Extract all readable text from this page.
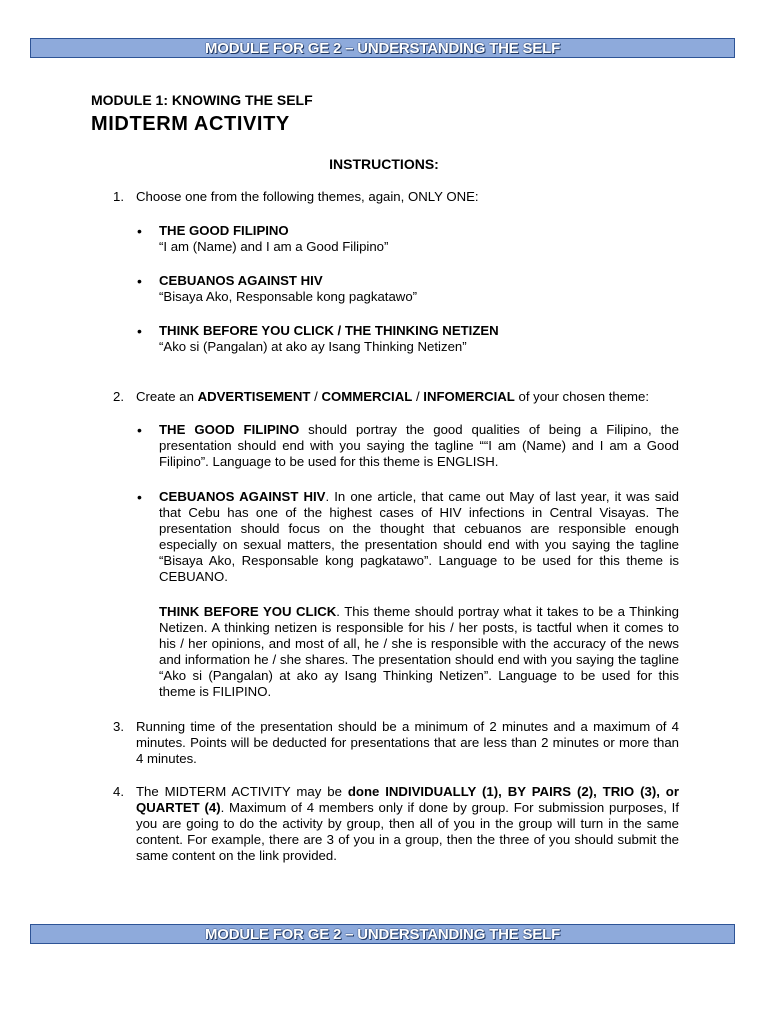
MODULE FOR GE 2 – UNDERSTANDING THE SELF
MODULE 1: KNOWING THE SELF
MIDTERM ACTIVITY
INSTRUCTIONS:
1. Choose one from the following themes, again, ONLY ONE:
• THE GOOD FILIPINO

“I am (Name) and I am a Good Filipino”

• CEBUANOS AGAINST HIV

“Bisaya Ako, Responsable kong pagkatawo”

• THINK BEFORE YOU CLICK / THE THINKING NETIZEN

“Ako si (Pangalan) at ako ay Isang Thinking Netizen”

2. Create an ADVERTISEMENT / COMMERCIAL / INFOMERCIAL of your chosen theme:
• THE GOOD FILIPINO should portray the good qualities of being a Filipino, the presentation should end with you saying the tagline ““I am (Name) and I am a Good Filipino”. Language to be used for this theme is ENGLISH.
• CEBUANOS AGAINST HIV. In one article, that came out May of last year, it was said that Cebu has one of the highest cases of HIV infections in Central Visayas. The presentation should focus on the thought that cebuanos are responsible enough especially on sexual matters, the presentation should end with you saying the tagline “Bisaya Ako, Responsable kong pagkatawo”. Language to be used for this theme is CEBUANO.
THINK BEFORE YOU CLICK. This theme should portray what it takes to be a Thinking Netizen. A thinking netizen is responsible for his / her posts, is tactful when it comes to his / her opinions, and most of all, he / she is responsible with the accuracy of the news and information he / she shares. The presentation should end with you saying the tagline “Ako si (Pangalan) at ako ay Isang Thinking Netizen”. Language to be used for this theme is FILIPINO.
3. Running time of the presentation should be a minimum of 2 minutes and a maximum of 4 minutes. Points will be deducted for presentations that are less than 2 minutes or more than 4 minutes.
4. The MIDTERM ACTIVITY may be done INDIVIDUALLY (1), BY PAIRS (2), TRIO (3), or QUARTET (4). Maximum of 4 members only if done by group. For submission purposes, If you are going to do the activity by group, then all of you in the group will turn in the same content. For example, there are 3 of you in a group, then the three of you should submit the same content on the link provided.
MODULE FOR GE 2 – UNDERSTANDING THE SELF
